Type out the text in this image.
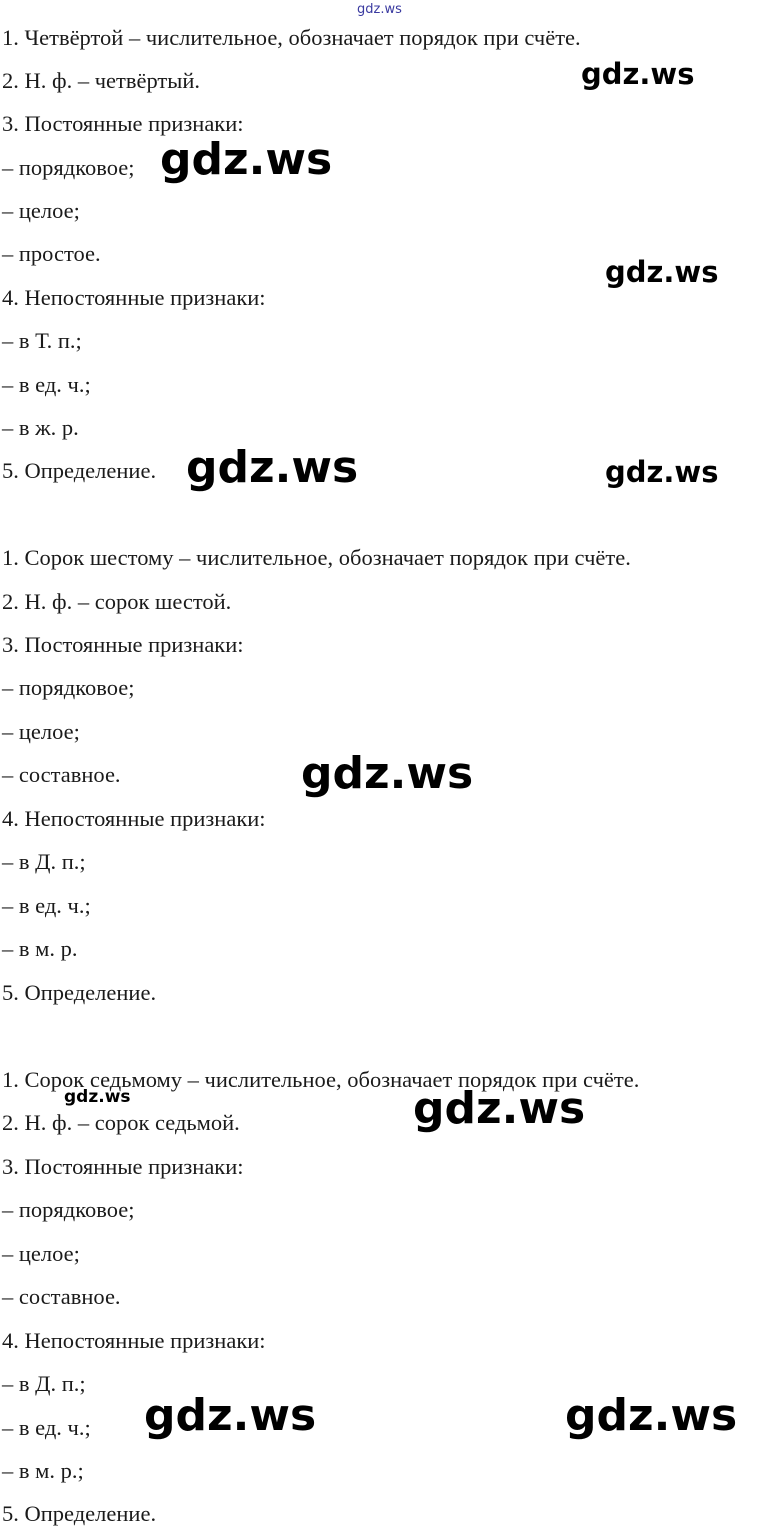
1. Четвёртой – числительное, обозначает порядок при счёте.
2. Н. ф. – четвёртый.
3. Постоянные признаки:
– порядковое;
– целое;
– простое.
4. Непостоянные признаки:
– в Т. п.;
– в ед. ч.;
– в ж. р.
5. Определение.
1. Сорок шестому – числительное, обозначает порядок при счёте.
2. Н. ф. – сорок шестой.
3. Постоянные признаки:
– порядковое;
– целое;
– составное.
4. Непостоянные признаки:
– в Д. п.;
– в ед. ч.;
– в м. р.
5. Определение.
1. Сорок седьмому – числительное, обозначает порядок при счёте.
2. Н. ф. – сорок седьмой.
3. Постоянные признаки:
– порядковое;
– целое;
– составное.
4. Непостоянные признаки:
– в Д. п.;
– в ед. ч.;
– в м. р.;
5. Определение.
gdz.ws
gdz.ws
gdz.ws
gdz.ws
gdz.ws	gdz.ws
gdz.ws
gdz.ws	gdz.ws
gdz.ws	gdz.ws
